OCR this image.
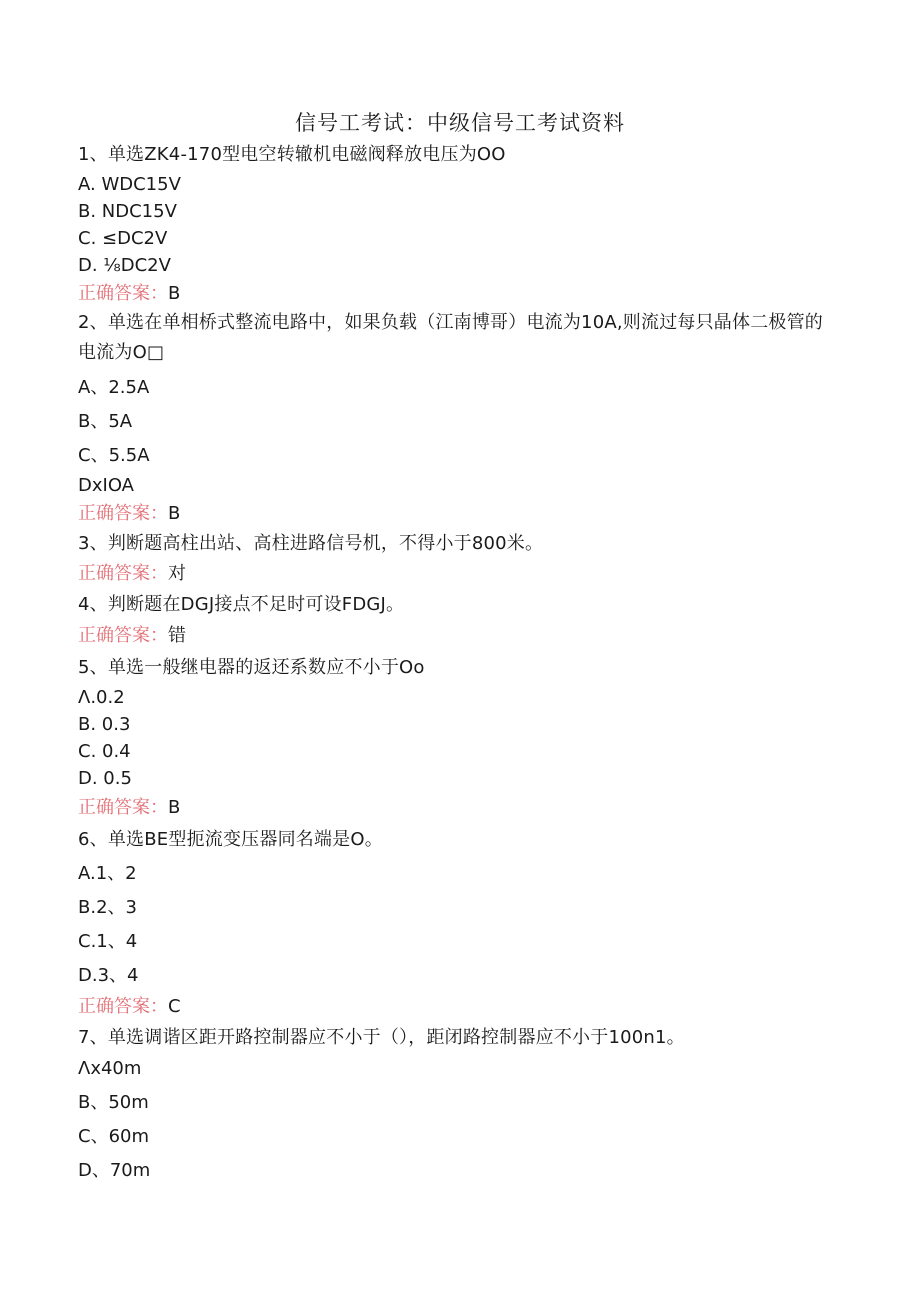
信号工考试：中级信号工考试资料
1、单选ZK4-170型电空转辙机电磁阀释放电压为OO
A. WDC15V
B. NDC15V
C. ≤DC2V
D. ⅛DC2V
正确答案：B
2、单选在单相桥式整流电路中，如果负载（江南博哥）电流为10A,则流过每只晶体二极管的电流为O□
A、2.5A
B、5A
C、5.5A
DxIOA
正确答案：B
3、判断题高柱出站、高柱进路信号机，不得小于800米。
正确答案：对
4、判断题在DGJ接点不足时可设FDGJ。
正确答案：错
5、单选一般继电器的返还系数应不小于Oo
Λ.0.2
B. 0.3
C. 0.4
D. 0.5
正确答案：B
6、单选BE型扼流变压器同名端是O。
A.1、2
B.2、3
C.1、4
D.3、4
正确答案：C
7、单选调谐区距开路控制器应不小于（），距闭路控制器应不小于100n1。
Λx40m
B、50m
C、60m
D、70m
